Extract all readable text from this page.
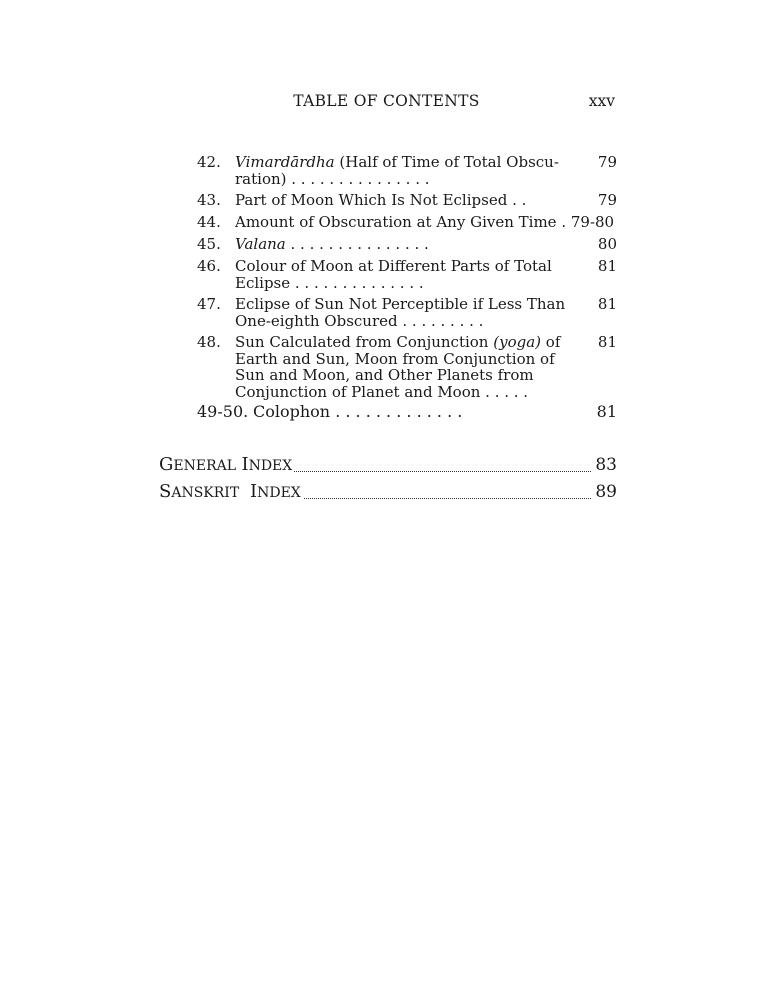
TABLE OF CONTENTS	xxv
42. Vimardārdha (Half of Time of Total Obscu-
ration) . . . . . . . . . . . . . . .
79
43. Part of Moon Which Is Not Eclipsed . .	79
44. Amount of Obscuration at Any Given Time . 79-80
45. Valana . . . . . . . . . . . . . . .	80
46. Colour of Moon at Different Parts of Total
Eclipse . . . . . . . . . . . . . .
81
47. Eclipse of Sun Not Perceptible if Less Than
One-eighth Obscured . . . . . . . . .
81
48. Sun Calculated from Conjunction (yoga) of
Earth and Sun, Moon from Conjunction of
Sun and Moon, and Other Planets from
Conjunction of Planet and Moon . . . . .
81
49-50. Colophon . . . . . . . . . . . . .	81
GENERAL INDEX	83
SANSKRIT INDEX	89
